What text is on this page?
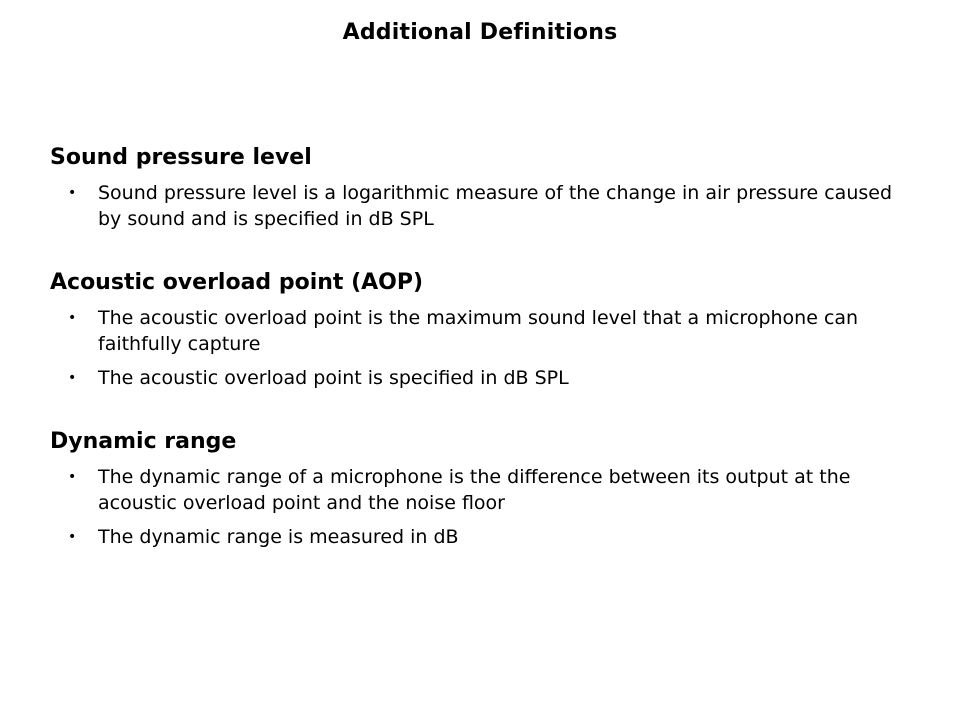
Additional Definitions
Sound pressure level
• Sound pressure level is a logarithmic measure of the change in air pressure caused by sound and is specified in dB SPL
Acoustic overload point (AOP)
• The acoustic overload point is the maximum sound level that a microphone can faithfully capture
• The acoustic overload point is specified in dB SPL
Dynamic range
• The dynamic range of a microphone is the difference between its output at the acoustic overload point and the noise floor
• The dynamic range is measured in dB
